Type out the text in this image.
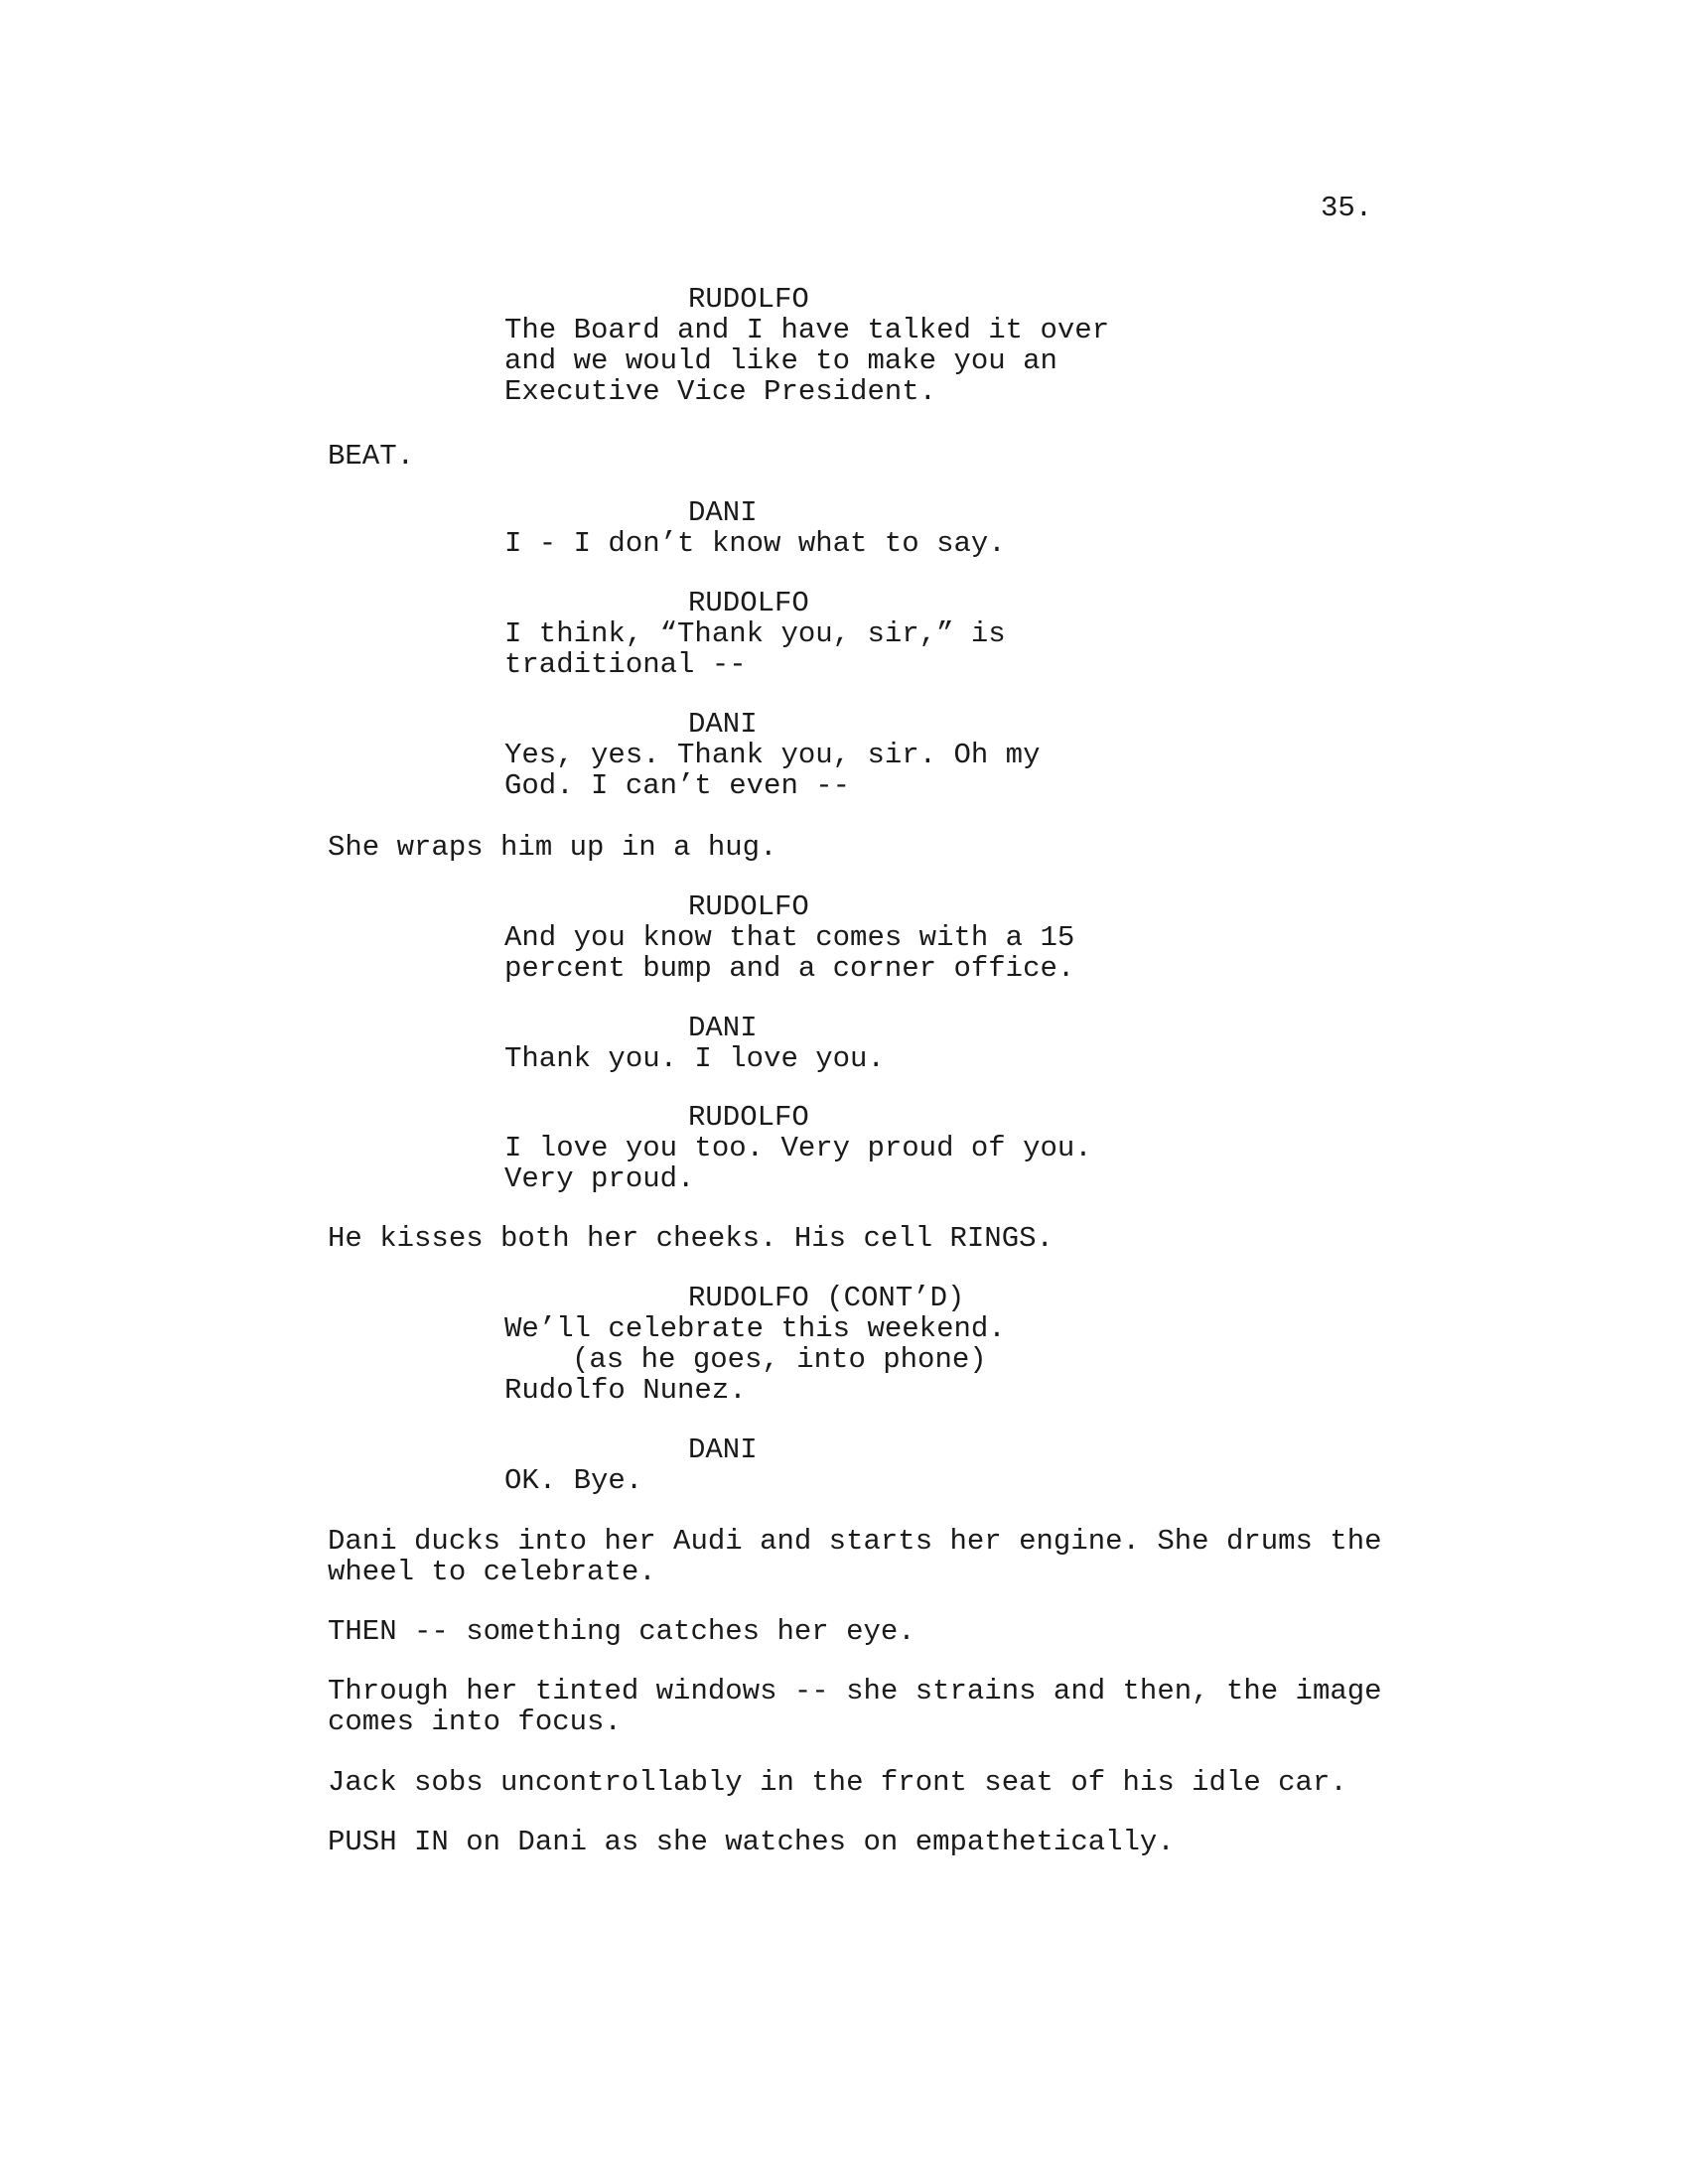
35.

RUDOLFO

The Board and I have talked it over

and we would like to make you an

Executive Vice President.

BEAT.

DANI

I - I don’t know what to say.

RUDOLFO

I think, “Thank you, sir,” is

traditional --

DANI

Yes, yes. Thank you, sir. Oh my

God. I can’t even --

She wraps him up in a hug.

RUDOLFO

And you know that comes with a 15

percent bump and a corner office.

DANI

Thank you. I love you.

RUDOLFO

I love you too. Very proud of you.

Very proud.

He kisses both her cheeks. His cell RINGS.

RUDOLFO (CONT’D)

We’ll celebrate this weekend.

(as he goes, into phone)

Rudolfo Nunez.

DANI

OK. Bye.

Dani ducks into her Audi and starts her engine. She drums the

wheel to celebrate.

THEN -- something catches her eye.

Through her tinted windows -- she strains and then, the image

comes into focus.

Jack sobs uncontrollably in the front seat of his idle car.

PUSH IN on Dani as she watches on empathetically.
